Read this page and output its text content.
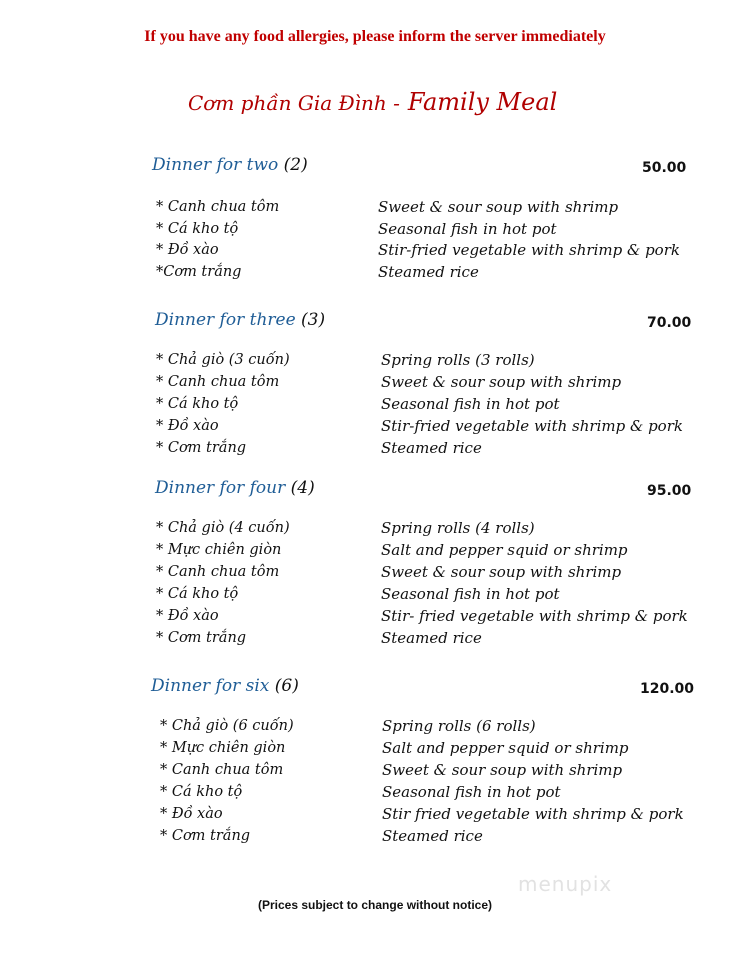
If you have any food allergies, please inform the server immediately
Cơm phần Gia Đình - Family Meal
Dinner for two (2)	50.00
* Canh chua tôm	Sweet & sour soup with shrimp
* Cá kho tộ	Seasonal fish in hot pot
* Đồ xào	Stir-fried vegetable with shrimp & pork
*Cơm trắng	Steamed rice
Dinner for three (3)	70.00
* Chả giò (3 cuốn)	Spring rolls (3 rolls)
* Canh chua tôm	Sweet & sour soup with shrimp
* Cá kho tộ	Seasonal fish in hot pot
* Đồ xào	Stir-fried vegetable with shrimp & pork
* Cơm trắng	Steamed rice
Dinner for four (4)	95.00
* Chả giò (4 cuốn)	Spring rolls (4 rolls)
* Mực chiên giòn	Salt and pepper squid or shrimp
* Canh chua tôm	Sweet & sour soup with shrimp
* Cá kho tộ	Seasonal fish in hot pot
* Đồ xào	Stir- fried vegetable with shrimp & pork
* Cơm trắng	Steamed rice
Dinner for six (6)	120.00
* Chả giò (6 cuốn)	Spring rolls (6 rolls)
* Mực chiên giòn	Salt and pepper squid or shrimp
* Canh chua tôm	Sweet & sour soup with shrimp
* Cá kho tộ	Seasonal fish in hot pot
* Đồ xào	Stir fried vegetable with shrimp & pork
* Cơm trắng	Steamed rice
menupix
(Prices subject to change without notice)
